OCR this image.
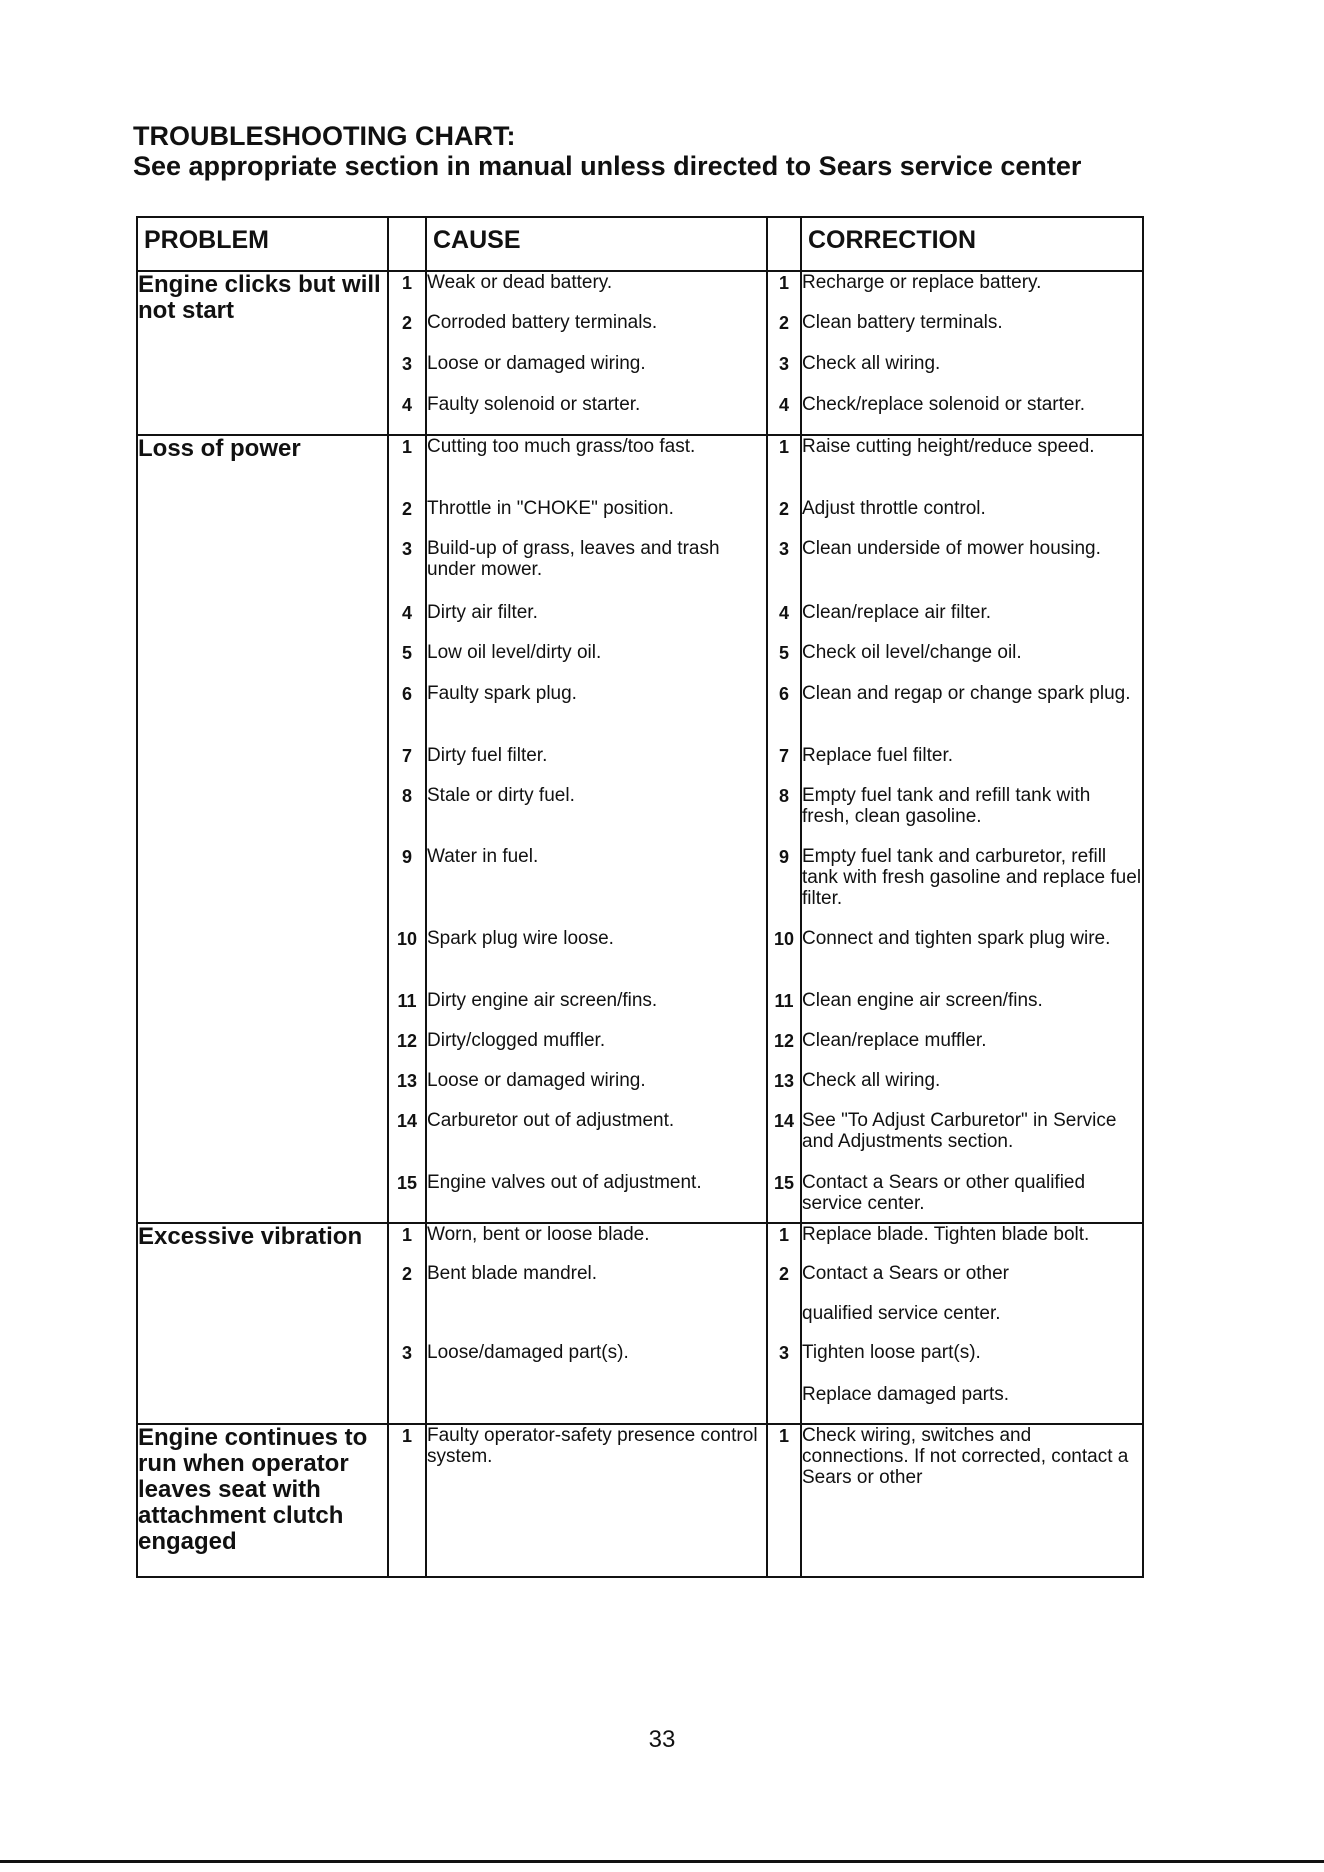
TROUBLESHOOTING CHART:
See appropriate section in manual unless directed to Sears service center
PROBLEM		CAUSE		CORRECTION
Engine clicks but will not start	1	Weak or dead battery.	1	Recharge or replace battery.
	2	Corroded battery terminals.	2	Clean battery terminals.
	3	Loose or damaged wiring.	3	Check all wiring.
	4	Faulty solenoid or starter.	4	Check/replace solenoid or starter.
Loss of power	1	Cutting too much grass/too fast.	1	Raise cutting height/reduce speed.
	2	Throttle in "CHOKE" position.	2	Adjust throttle control.
	3	Build-up of grass, leaves and trash under mower.	3	Clean underside of mower housing.
	4	Dirty air filter.	4	Clean/replace air filter.
	5	Low oil level/dirty oil.	5	Check oil level/change oil.
	6	Faulty spark plug.	6	Clean and regap or change spark plug.
	7	Dirty fuel filter.	7	Replace fuel filter.
	8	Stale or dirty fuel.	8	Empty fuel tank and refill tank with fresh, clean gasoline.
	9	Water in fuel.	9	Empty fuel tank and carburetor, refill tank with fresh gasoline and replace fuel filter.
	10	Spark plug wire loose.	10	Connect and tighten spark plug wire.
	11	Dirty engine air screen/fins.	11	Clean engine air screen/fins.
	12	Dirty/clogged muffler.	12	Clean/replace muffler.
	13	Loose or damaged wiring.	13	Check all wiring.
	14	Carburetor out of adjustment.	14	See "To Adjust Carburetor" in Service and Adjustments section.
	15	Engine valves out of adjustment.	15	Contact a Sears or other qualified service center.
Excessive vibration	1	Worn, bent or loose blade.	1	Replace blade. Tighten blade bolt.
	2	Bent blade mandrel.	2	Contact a Sears or other
				qualified service center.
	3	Loose/damaged part(s).	3	Tighten loose part(s).
				Replace damaged parts.
Engine continues to run when operator leaves seat with attachment clutch engaged	1	Faulty operator-safety presence control system.	1	Check wiring, switches and connections. If not corrected, contact a Sears or other
33
